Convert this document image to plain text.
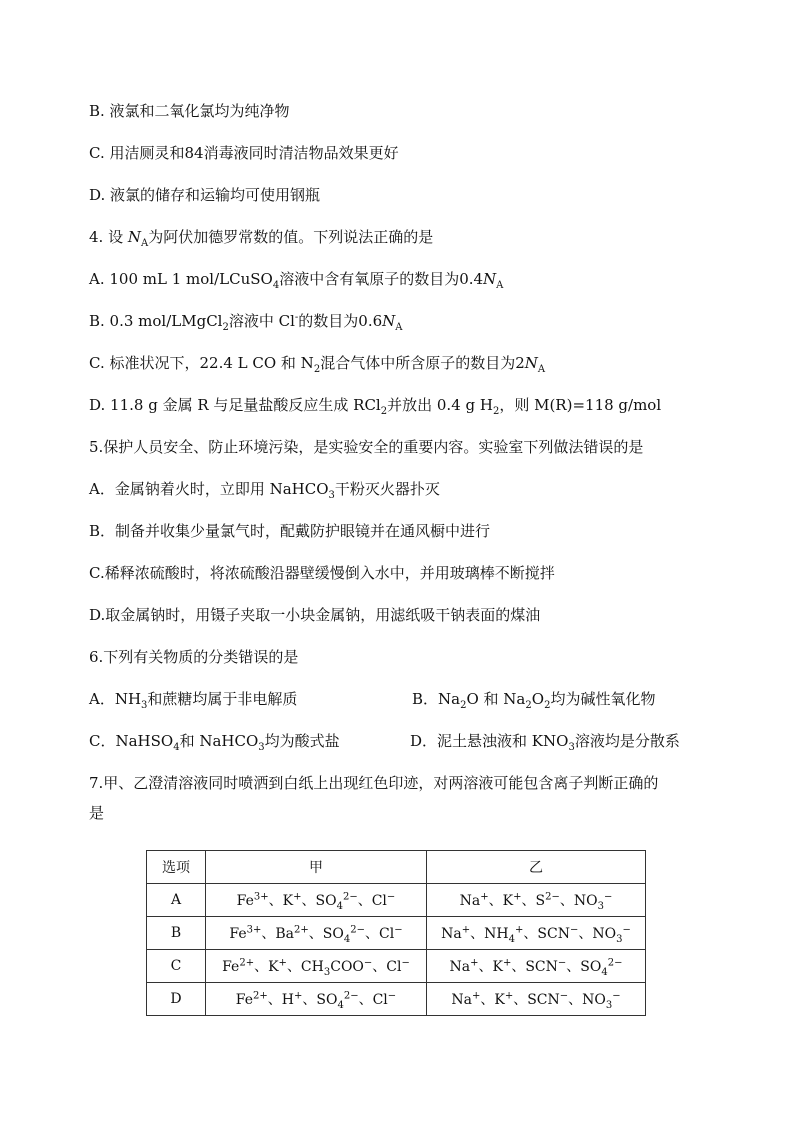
B. 液氯和二氧化氯均为纯净物
C. 用洁厕灵和84消毒液同时清洁物品效果更好
D. 液氯的储存和运输均可使用钢瓶
4. 设 $N_A$为阿伏加德罗常数的值。下列说法正确的是
A. 100 mL 1 mol/LCuSO$_4$溶液中含有氧原子的数目为$0.4N_A$
B. 0.3 mol/LMgCl$_2$溶液中 Cl-的数目为$0.6N_A$
C. 标准状况下，22.4 L CO 和 $N_2$混合气体中所含原子的数目为$2N_A$
D. 11.8 g 金属 R 与足量盐酸反应生成 RCl$_2$并放出 0.4 g $H_2$，则 M(R)=118 g/mol
5.保护人员安全、防止环境污染，是实验安全的重要内容。实验室下列做法错误的是
A．金属钠着火时，立即用 NaHCO$_3$干粉灭火器扑灭
B．制备并收集少量氯气时，配戴防护眼镜并在通风橱中进行
C.稀释浓硫酸时，将浓硫酸沿器壁缓慢倒入水中，并用玻璃棒不断搅拌
D.取金属钠时，用镊子夹取一小块金属钠，用滤纸吸干钠表面的煤油
6.下列有关物质的分类错误的是
A．$NH_3$和蔗糖均属于非电解质	B．$Na_2O$ 和 $Na_2O_2$均为碱性氧化物
C．NaHSO$_4$和 NaHCO$_3$均为酸式盐	D．泥土悬浊液和 $KNO_3$溶液均是分散系
7.甲、乙澄清溶液同时喷洒到白纸上出现红色印迹，对两溶液可能包含离子判断正确的
是
选项	甲	乙
A	$Fe^{3+}$、K+、$SO_4^{2-}$、Cl−	Na+、K+、$S^{2-}$、$NO_3^-$
B	$Fe^{3+}$、$Ba^{2+}$、$SO_4^{2-}$、Cl−	Na+、$NH_4^+$、SCN−、$NO_3^-$
C	$Fe^{2+}$、K+、$CH_3COO^-$、Cl−	Na+、K+、SCN−、$SO_4^{2-}$
D	$Fe^{2+}$、H+、$SO_4^{2-}$、Cl−	Na+、K+、SCN−、$NO_3^-$
